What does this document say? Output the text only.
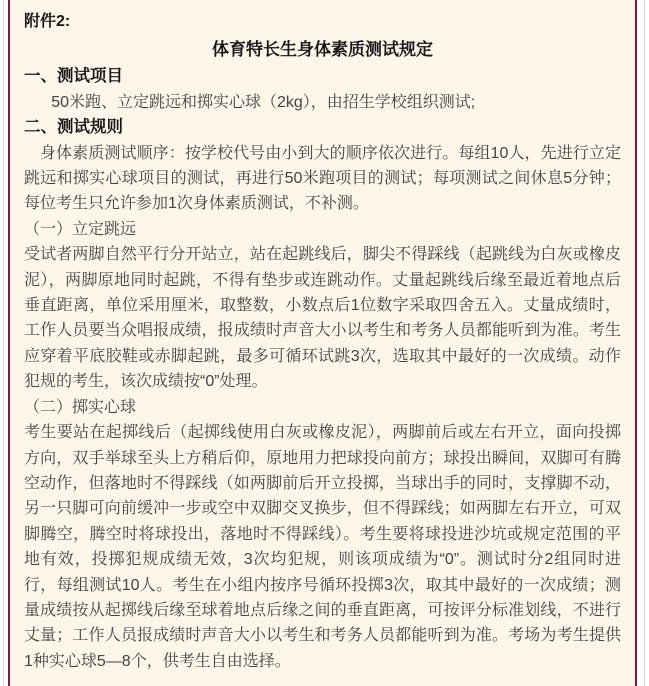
附件2:

体育特长生身体素质测试规定
一、测试项目

50米跑、立定跳远和掷实心球（2kg），由招生学校组织测试;

二、测试规则

身体素质测试顺序：按学校代号由小到大的顺序依次进行。每组10人，先进行立定跳远和掷实心球项目的测试，再进行50米跑项目的测试；每项测试之间休息5分钟；每位考生只允许参加1次身体素质测试，不补测。

（一）立定跳远

受试者两脚自然平行分开站立，站在起跳线后，脚尖不得踩线（起跳线为白灰或橡皮泥），两脚原地同时起跳，不得有垫步或连跳动作。丈量起跳线后缘至最近着地点后垂直距离，单位采用厘米，取整数，小数点后1位数字采取四舍五入。丈量成绩时，工作人员要当众唱报成绩，报成绩时声音大小以考生和考务人员都能听到为准。考生应穿着平底胶鞋或赤脚起跳，最多可循环试跳3次，选取其中最好的一次成绩。动作犯规的考生，该次成绩按“0”处理。

（二）掷实心球

考生要站在起掷线后（起掷线使用白灰或橡皮泥），两脚前后或左右开立，面向投掷方向，双手举球至头上方稍后仰，原地用力把球投向前方；球投出瞬间，双脚可有腾空动作，但落地时不得踩线（如两脚前后开立投掷，当球出手的同时，支撑脚不动，另一只脚可向前缓冲一步或空中双脚交叉换步，但不得踩线；如两脚左右开立，可双脚腾空，腾空时将球投出，落地时不得踩线）。考生要将球投进沙坑或规定范围的平地有效，投掷犯规成绩无效，3次均犯规，则该项成绩为“0”。测试时分2组同时进行，每组测试10人。考生在小组内按序号循环投掷3次，取其中最好的一次成绩；测量成绩按从起掷线后缘至球着地点后缘之间的垂直距离，可按评分标准划线，不进行丈量；工作人员报成绩时声音大小以考生和考务人员都能听到为准。考场为考生提供1种实心球5—8个，供考生自由选择。
